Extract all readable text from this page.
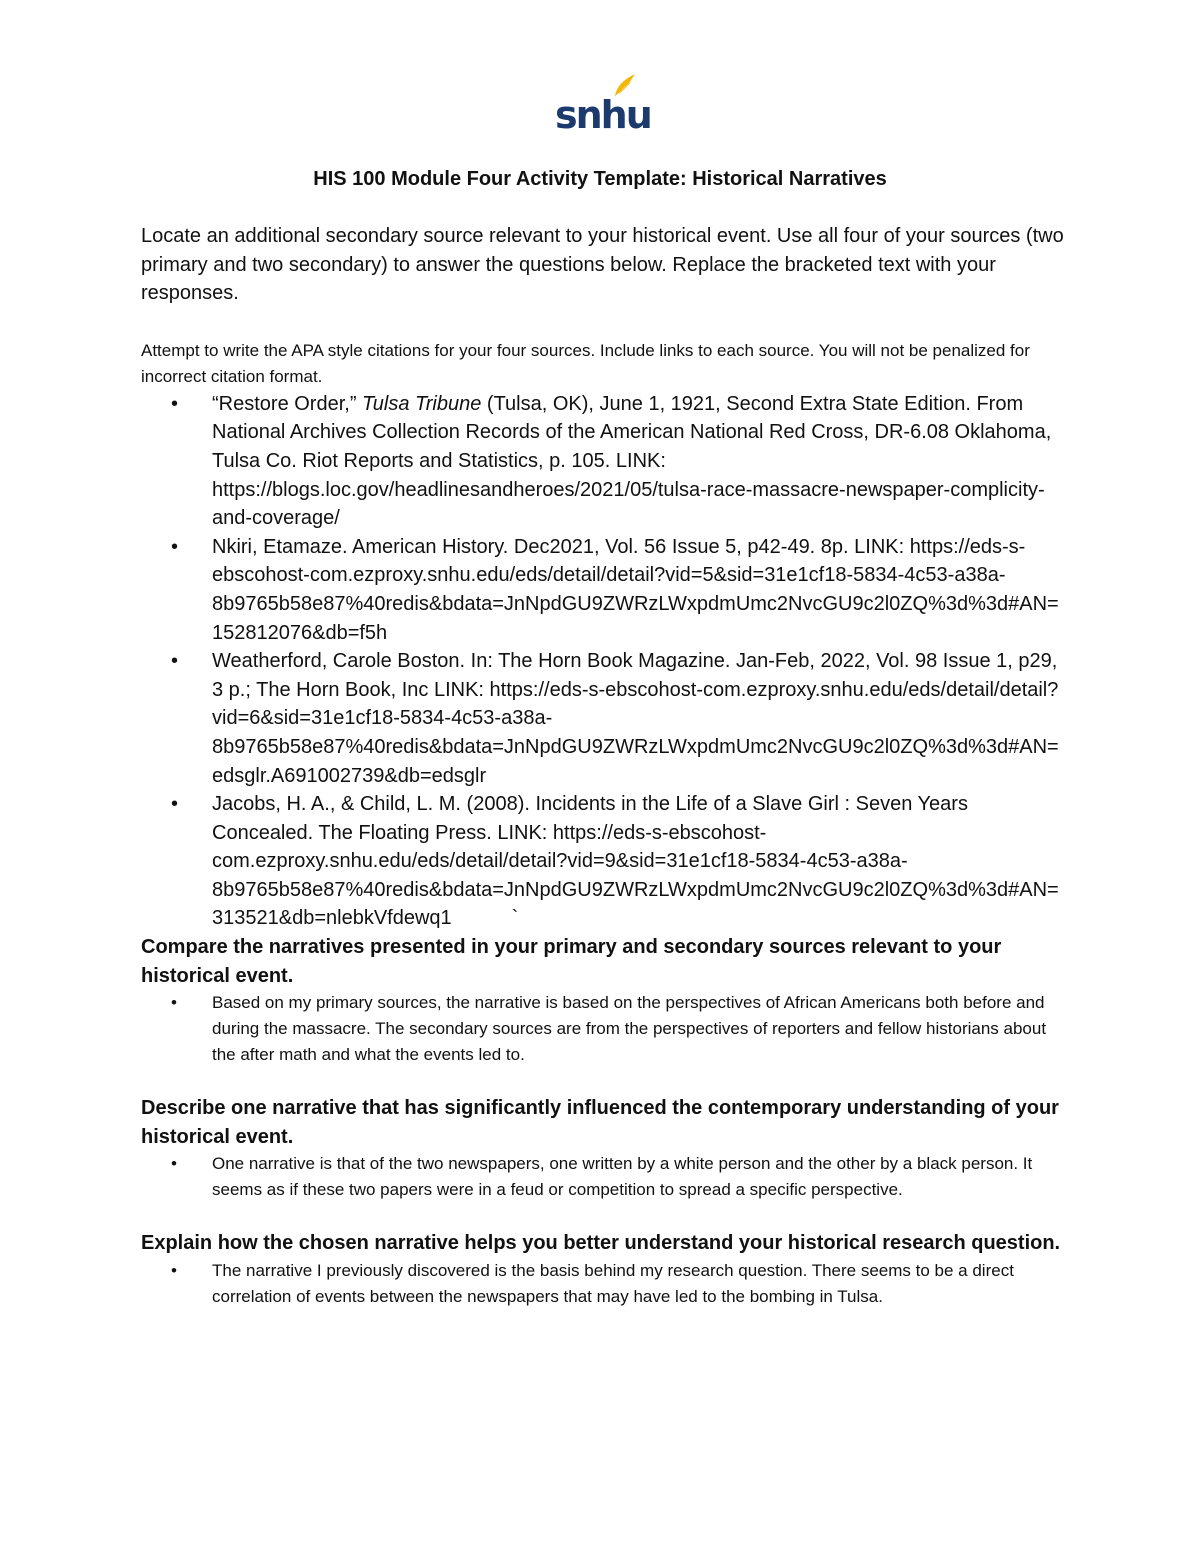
snhu
HIS 100 Module Four Activity Template: Historical Narratives

Locate an additional secondary source relevant to your historical event. Use all four of your sources (two primary and two secondary) to answer the questions below. Replace the bracketed text with your responses.

Attempt to write the APA style citations for your four sources. Include links to each source. You will not be penalized for incorrect citation format.

• “Restore Order,” Tulsa Tribune (Tulsa, OK), June 1, 1921, Second Extra State Edition. From National Archives Collection Records of the American National Red Cross, DR-6.08 Oklahoma, Tulsa Co. Riot Reports and Statistics, p. 105. LINK: https://blogs.loc.gov/headlinesandheroes/2021/05/tulsa-race-massacre-newspaper-complicity-and-coverage/
• Nkiri, Etamaze. American History. Dec2021, Vol. 56 Issue 5, p42-49. 8p. LINK: https://eds-s-ebscohost-com.ezproxy.snhu.edu/eds/detail/detail?vid=5&sid=31e1cf18-5834-4c53-a38a-8b9765b58e87%40redis&bdata=JnNpdGU9ZWRzLWxpdmUmc2NvcGU9c2l0ZQ%3d%3d#AN=152812076&db=f5h
• Weatherford, Carole Boston. In: The Horn Book Magazine. Jan-Feb, 2022, Vol. 98 Issue 1, p29, 3 p.; The Horn Book, Inc LINK: https://eds-s-ebscohost-com.ezproxy.snhu.edu/eds/detail/detail?vid=6&sid=31e1cf18-5834-4c53-a38a-8b9765b58e87%40redis&bdata=JnNpdGU9ZWRzLWxpdmUmc2NvcGU9c2l0ZQ%3d%3d#AN=edsglr.A691002739&db=edsglr
• Jacobs, H. A., & Child, L. M. (2008). Incidents in the Life of a Slave Girl : Seven Years Concealed. The Floating Press. LINK: https://eds-s-ebscohost-com.ezproxy.snhu.edu/eds/detail/detail?vid=9&sid=31e1cf18-5834-4c53-a38a-8b9765b58e87%40redis&bdata=JnNpdGU9ZWRzLWxpdmUmc2NvcGU9c2l0ZQ%3d%3d#AN=313521&db=nlebkVfdewq1	`

Compare the narratives presented in your primary and secondary sources relevant to your historical event.

• Based on my primary sources, the narrative is based on the perspectives of African Americans both before and during the massacre. The secondary sources are from the perspectives of reporters and fellow historians about the after math and what the events led to.

Describe one narrative that has significantly influenced the contemporary understanding of your historical event.

• One narrative is that of the two newspapers, one written by a white person and the other by a black person. It seems as if these two papers were in a feud or competition to spread a specific perspective.

Explain how the chosen narrative helps you better understand your historical research question.

• The narrative I previously discovered is the basis behind my research question. There seems to be a direct correlation of events between the newspapers that may have led to the bombing in Tulsa.
